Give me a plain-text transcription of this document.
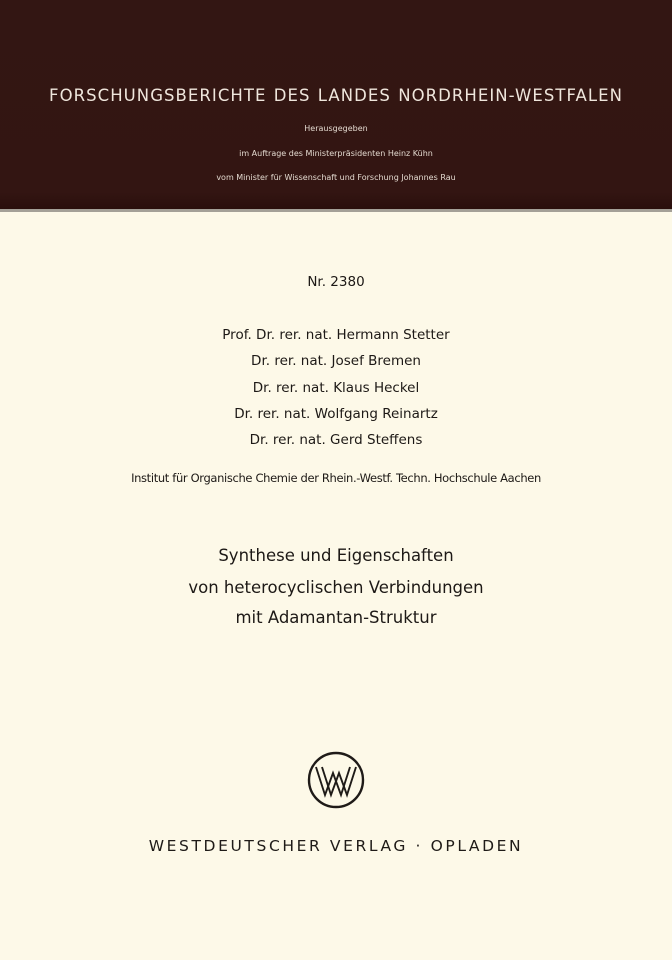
FORSCHUNGSBERICHTE DES LANDES NORDRHEIN-WESTFALEN
Herausgegeben
im Auftrage des Ministerpräsidenten Heinz Kühn
vom Minister für Wissenschaft und Forschung Johannes Rau
Nr. 2380
Prof. Dr. rer. nat. Hermann Stetter
Dr. rer. nat. Josef Bremen
Dr. rer. nat. Klaus Heckel
Dr. rer. nat. Wolfgang Reinartz
Dr. rer. nat. Gerd Steffens
Institut für Organische Chemie der Rhein.-Westf. Techn. Hochschule Aachen
Synthese und Eigenschaften
von heterocyclischen Verbindungen
mit Adamantan-Struktur
WESTDEUTSCHER VERLAG · OPLADEN
